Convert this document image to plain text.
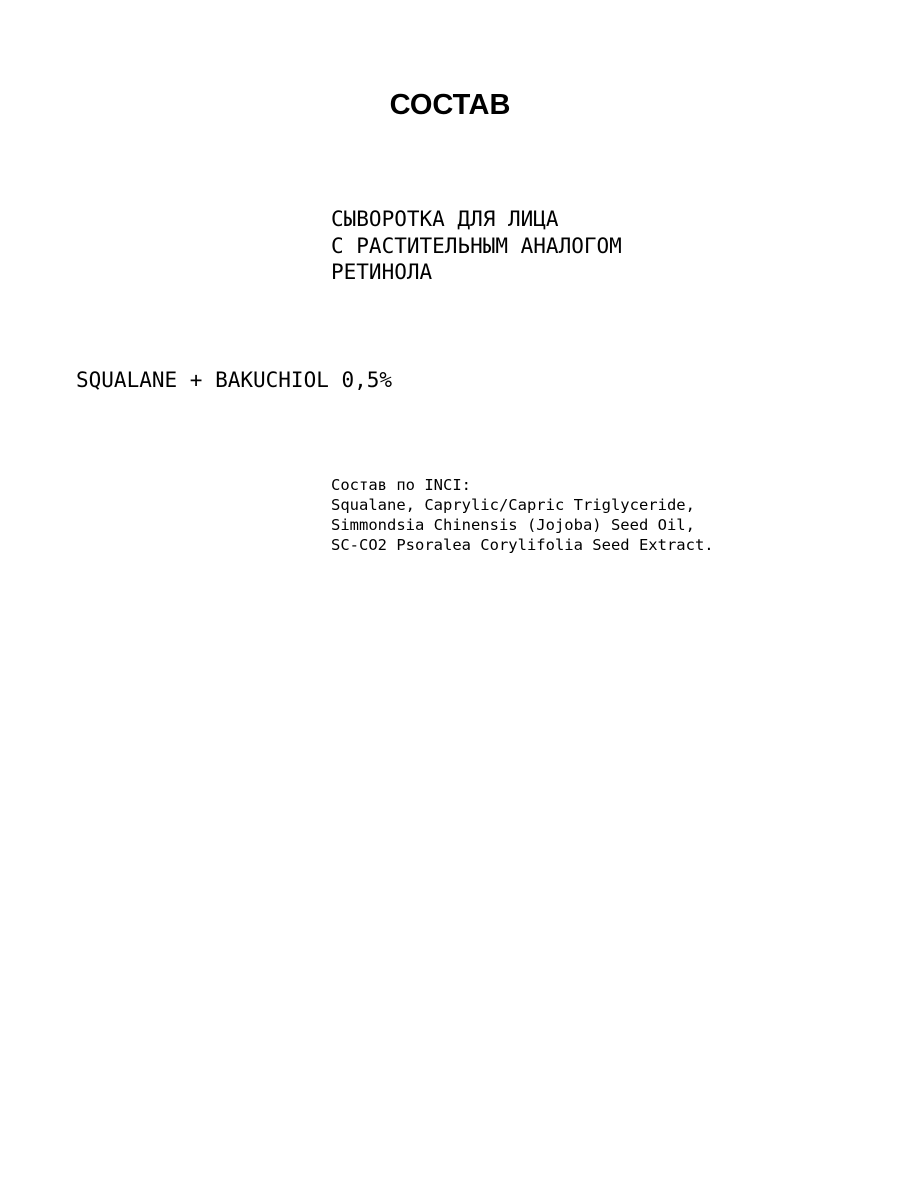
СОСТАВ
СЫВОРОТКА ДЛЯ ЛИЦА
С РАСТИТЕЛЬНЫМ АНАЛОГОМ
РЕТИНОЛА
SQUALANE + BAKUCHIOL 0,5%
Состав по INCI:
Squalane, Caprylic/Capric Triglyceride,
Simmondsia Chinensis (Jojoba) Seed Oil,
SC-CO2 Psoralea Corylifolia Seed Extract.
